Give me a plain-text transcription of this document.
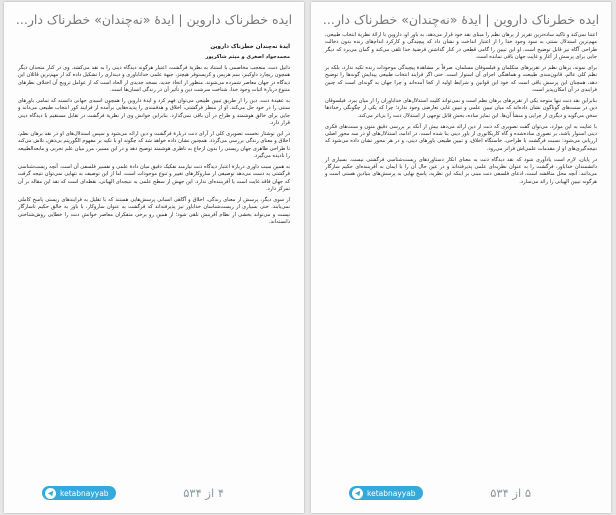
ایده خطرناک داروین | ایدهٔ «نه‌چندان» خطرناک دار...
ایدهٔ نه‌چندان خطرناک داروین
محمدجواد اصغری و میثم شاکرپور

دانیل دنت، متعجب مخاصمی با استناد به نظریهٔ فرگشت، اعتبار هرگونه دیدگاه دینی را به نقد می‌کشد. وی در کنار متحدان دیگر همچون ریچارد داوکینز، سم هریس و کریستوفر هیچنز، جبههٔ علمی خداناباوری و دینداری را تشکیل داده که از مهم‌ترین قائلان این دیدگاه در جهان معاصر شمرده می‌شوند. منظور از اتحاد جدید، نسخه جدیدی از الحاد است که از عوامل ترویج آن اختلاف نظرهای متنوع دربارهٔ اثبات وجود خدا، شناخت سرشت دین و تأثیر آن در زندگی انسان‌ها است.

به عقیدهٔ دنت، دین را از طریق تبیین طبیعی می‌توان فهم کرد و ایدهٔ داروین را همچون اسیدی جهانی دانسته که تمامی باورهای سنتی را در خود حل می‌کند. او از منظر فرگشتی، اخلاق و هدفمندی را پدیده‌هایی برآمده از فرایند کور انتخاب طبیعی می‌داند و جایی برای خالق هوشمند و طراح در آن باقی نمی‌گذارد. بنابراین خوانش وی از نظریهٔ فرگشت در تقابل مستقیم با دیدگاه دینی قرار دارد.

در این نوشتار نخست تصویری کلی از آرای دنت دربارهٔ فرگشت و دین ارائه می‌شود و سپس استدلال‌های او در نقد برهان نظم، اخلاق و معنای زندگی بررسی می‌گردد. همچنین نشان داده خواهد شد که چگونه او با تکیه بر مفهوم الگوریتم بی‌ذهن، تلاش می‌کند تا طراحی ظاهری جهان زیستی را بدون ارجاع به ناظری هوشمند توضیح دهد و در این مسیر، مرز میان علم تجربی و مابعدالطبیعه را نادیده می‌گیرد.

به همین سبب داوری دربارهٔ اعتبار دیدگاه دنت نیازمند تفکیک دقیق میان دادهٔ علمی و تفسیر فلسفی آن است. آنچه زیست‌شناسی فرگشتی به دست می‌دهد توصیفی از سازوکارهای تغییر و تنوع موجودات است، اما از این توصیف به تنهایی نمی‌توان نتیجه گرفت که جهان فاقد غایت است یا آفریننده‌ای ندارد. این جهش از سطح علمی به نتیجه‌ای الهیاتی، نقطه‌ای است که نقد این مقاله بر آن تمرکز دارد.

از سوی دیگر، پرسش از معنای زندگی، اخلاق و آگاهی انسانی پرسش‌هایی هستند که با تقلیل به فرایندهای زیستی پاسخ کاملی نمی‌یابند. حتی بسیاری از زیست‌شناسان خداباور نیز پذیرفته‌اند که فرگشت به عنوان سازوکار، با باور به خالق حکیم ناسازگار نیست و می‌تواند بخشی از نظام آفرینش تلقی شود؛ از همین رو برخی متفکران معاصر خوانش دنت را خطایی روش‌شناختی دانسته‌اند.

ketabnayyab	۴ از ۵۳۴
ایده خطرناک داروین | ایدهٔ «نه‌چندان» خطرناک دار...

اعتنا نمی‌کند و تاکید ساده‌ترین تقریر از برهان نظم را مبنای نقد خود قرار می‌دهد. به باور او، داروین با ارائهٔ نظریهٔ انتخاب طبیعی، مهم‌ترین استدلال سنتی به سود وجود خدا را از اعتبار انداخت و نشان داد که پیچیدگی و کارکرد اندام‌های زنده بدون دخالت طراحی آگاه نیز قابل توضیح است. او این تبیین را گامی قطعی در کنار گذاشتن فرضیهٔ خدا تلقی می‌کند و گمان می‌برد که دیگر جایی برای پرسش از آغاز و غایت جهان باقی نمانده است.

برای نمونه، برهان نظم در تقریرهای متکلمان و فیلسوفان مسلمان، صرفاً بر مشاهدهٔ پیچیدگی موجودات زنده تکیه ندارد، بلکه بر نظم کلی عالم، قانون‌مندی طبیعت و هماهنگی اجزای آن استوار است. حتی اگر فرایند انتخاب طبیعی پیدایش گونه‌ها را توضیح دهد، همچنان این پرسش باقی است که خود این قوانین و شرایط اولیه از کجا آمده‌اند و چرا جهان به گونه‌ای است که چنین فرایندی در آن امکان‌پذیر است.

بنابراین نقد دنت تنها متوجه یکی از تقریرهای برهان نظم است و نمی‌تواند کلیت استدلال‌های خداباوران را از میان ببرد. فیلسوفان دین در سنت‌های گوناگون نشان داده‌اند که میان تبیین علمی و تبیین غایی تعارضی وجود ندارد؛ چرا که یکی از چگونگی رخدادها سخن می‌گوید و دیگری از چرایی و منشأ آن‌ها. این تمایز ساده، بخش قابل توجهی از استدلال دنت را بی‌اثر می‌کند.

با عنایت به این موارد، می‌توان گفت تصویری که دنت از دین ارائه می‌دهد بیش از آنکه بر بررسی دقیق متون و سنت‌های فکری دینی استوار باشد، بر تصوری ساده‌شده و گاه کاریکاتوری از باور دینی بنا شده است. در ادامه، استدلال‌های او در سه محور اصلی ارزیابی می‌شود: نسبت فرگشت با طراحی، خاستگاه اخلاق، و تبیین طبیعی باورهای دینی، و در هر محور نشان داده می‌شود که نتیجه‌گیری‌های او از مقدمات علمی‌اش فراتر می‌رود.

در پایان، لازم است یادآوری شود که نقد دیدگاه دنت به معنای انکار دستاوردهای زیست‌شناسی فرگشتی نیست. بسیاری از دانشمندان خداباور، فرگشت را به عنوان نظریه‌ای علمی پذیرفته‌اند و در عین حال آن را با ایمان به آفریننده‌ای حکیم سازگار می‌دانند. آنچه محل مناقشه است، ادعای فلسفی دنت مبنی بر اینکه این نظریه، پاسخ نهایی به پرسش‌های بنیادین هستی است و هرگونه تبیین الهیاتی را زائد می‌سازد.

ketabnayyab	۵ از ۵۳۴
